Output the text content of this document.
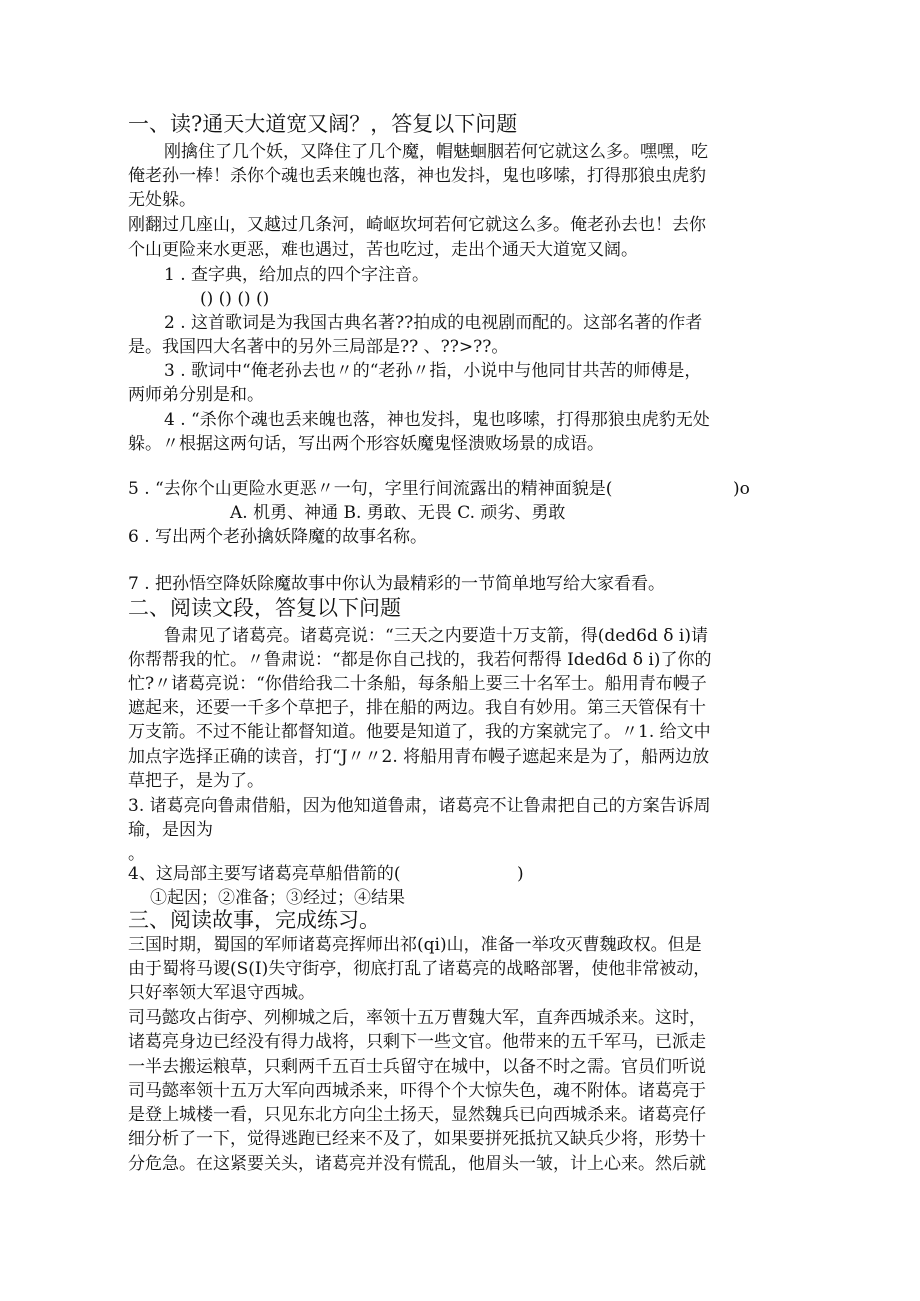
一、读?通天大道宽又阔？，答复以下问题

刚擒住了几个妖，又降住了几个魔，帽魅蛔胭若何它就这么多。嘿嘿，吃

俺老孙一棒！杀你个魂也丢来魄也落，神也发抖，鬼也哆嗦，打得那狼虫虎豹

无处躲。

刚翻过几座山，又越过几条河，崎岖坎坷若何它就这么多。俺老孙去也！去你

个山更险来水更恶，难也遇过，苦也吃过，走出个通天大道宽又阔。

1 . 查字典，给加点的四个字注音。

() () () ()

2 . 这首歌词是为我国古典名著??拍成的电视剧而配的。这部名著的作者

是。我国四大名著中的另外三局部是?? 、??>??。

3 . 歌词中“俺老孙去也〃的“老孙〃指，小说中与他同甘共苦的师傅是，

两师弟分别是和。

4 . “杀你个魂也丢来魄也落，神也发抖，鬼也哆嗦，打得那狼虫虎豹无处

躲。〃根据这两句话，写出两个形容妖魔鬼怪溃败场景的成语。

5 . “去你个山更险水更恶〃一句，字里行间流露出的精神面貌是(	)o

A. 机勇、神通 B. 勇敢、无畏 C. 顽劣、勇敢

6 . 写出两个老孙擒妖降魔的故事名称。

7 . 把孙悟空降妖除魔故事中你认为最精彩的一节简单地写给大家看看。

二、阅读文段，答复以下问题

鲁肃见了诸葛亮。诸葛亮说：“三天之内要造十万支箭，得(ded6d δ i)请

你帮帮我的忙。〃鲁肃说：“都是你自己找的，我若何帮得 Ided6d δ i)了你的

忙?〃诸葛亮说：“你借给我二十条船，每条船上要三十名军士。船用青布幔子

遮起来，还要一千多个草把子，排在船的两边。我自有妙用。第三天管保有十

万支箭。不过不能让都督知道。他要是知道了，我的方案就完了。〃1. 给文中

加点字选择正确的读音，打“J〃〃2. 将船用青布幔子遮起来是为了，船两边放

草把子，是为了。

3. 诸葛亮向鲁肃借船，因为他知道鲁肃，诸葛亮不让鲁肃把自己的方案告诉周

瑜，是因为

。

4、这局部主要写诸葛亮草船借箭的(	)

①起因；②准备；③经过；④结果

三、阅读故事，完成练习。

三国时期，蜀国的军师诸葛亮挥师出祁(qi)山，准备一举攻灭曹魏政权。但是

由于蜀将马谡(S(I)失守街亭，彻底打乱了诸葛亮的战略部署，使他非常被动，

只好率领大军退守西城。

司马懿攻占街亭、列柳城之后，率领十五万曹魏大军，直奔西城杀来。这时，

诸葛亮身边已经没有得力战将，只剩下一些文官。他带来的五千军马，已派走

一半去搬运粮草，只剩两千五百士兵留守在城中，以备不时之需。官员们听说

司马懿率领十五万大军向西城杀来，吓得个个大惊失色，魂不附体。诸葛亮于

是登上城楼一看，只见东北方向尘土扬天，显然魏兵已向西城杀来。诸葛亮仔

细分析了一下，觉得逃跑已经来不及了，如果要拼死抵抗又缺兵少将，形势十

分危急。在这紧要关头，诸葛亮并没有慌乱，他眉头一皱，计上心来。然后就
